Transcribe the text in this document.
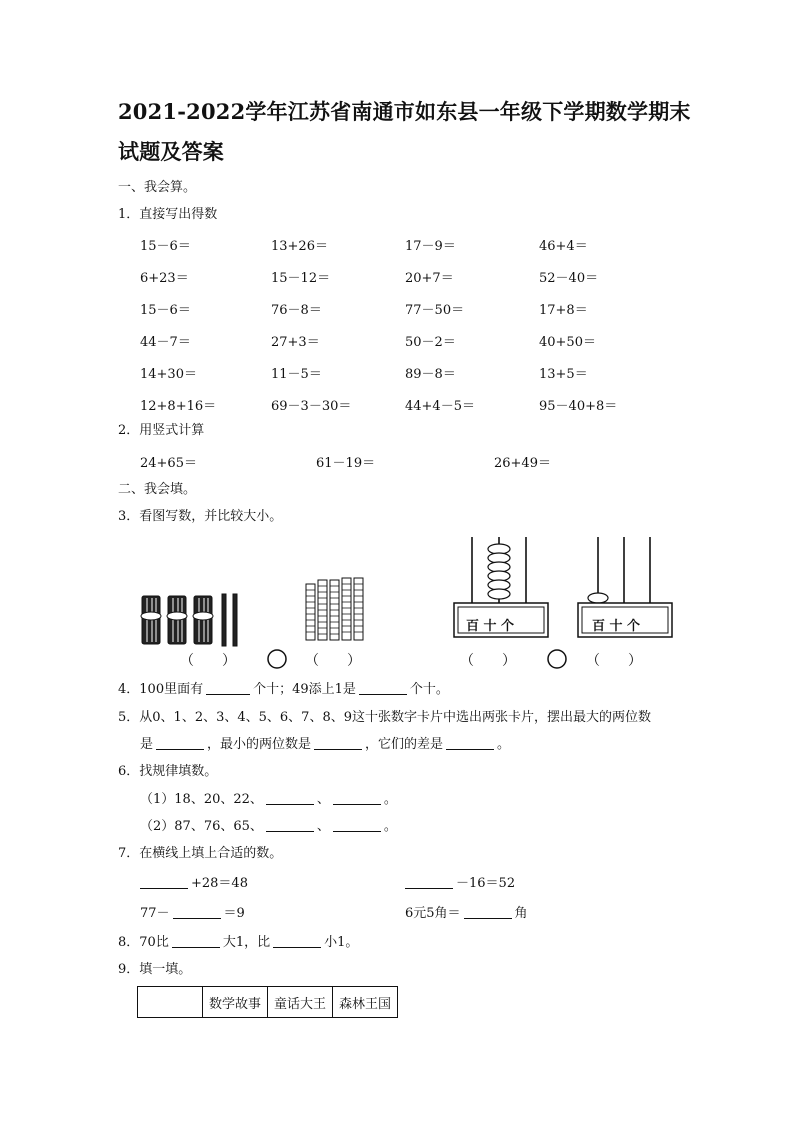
2021-2022学年江苏省南通市如东县一年级下学期数学期末
试题及答案
一、我会算。
1．直接写出得数
15－6＝	13+26＝	17－9＝	46+4＝
6+23＝	15－12＝	20+7＝	52－40＝
15－6＝	76－8＝	77－50＝	17+8＝
44－7＝	27+3＝	50－2＝	40+50＝
14+30＝	11－5＝	89－8＝	13+5＝
12+8+16＝	69－3－30＝	44+4－5＝	95－40+8＝
2．用竖式计算
24+65＝	61－19＝	26+49＝
二、我会填。
3．看图写数，并比较大小。
（　　）	（　　）
百 十 个
（　　）	（　　）
百 十 个
4．100里面有	个十；49添上1是	个十。
5．从0、1、2、3、4、5、6、7、8、9这十张数字卡片中选出两张卡片，摆出最大的两位数
是	，最小的两位数是	，它们的差是	。
6．找规律填数。
（1）18、20、22、	、	。
（2）87、76、65、	、	。
7．在横线上填上合适的数。
+28＝48	－16＝52
77－	＝9	6元5角＝	角
8．70比	大1，比	小1。
9．填一填。
	数学故事	童话大王	森林王国
